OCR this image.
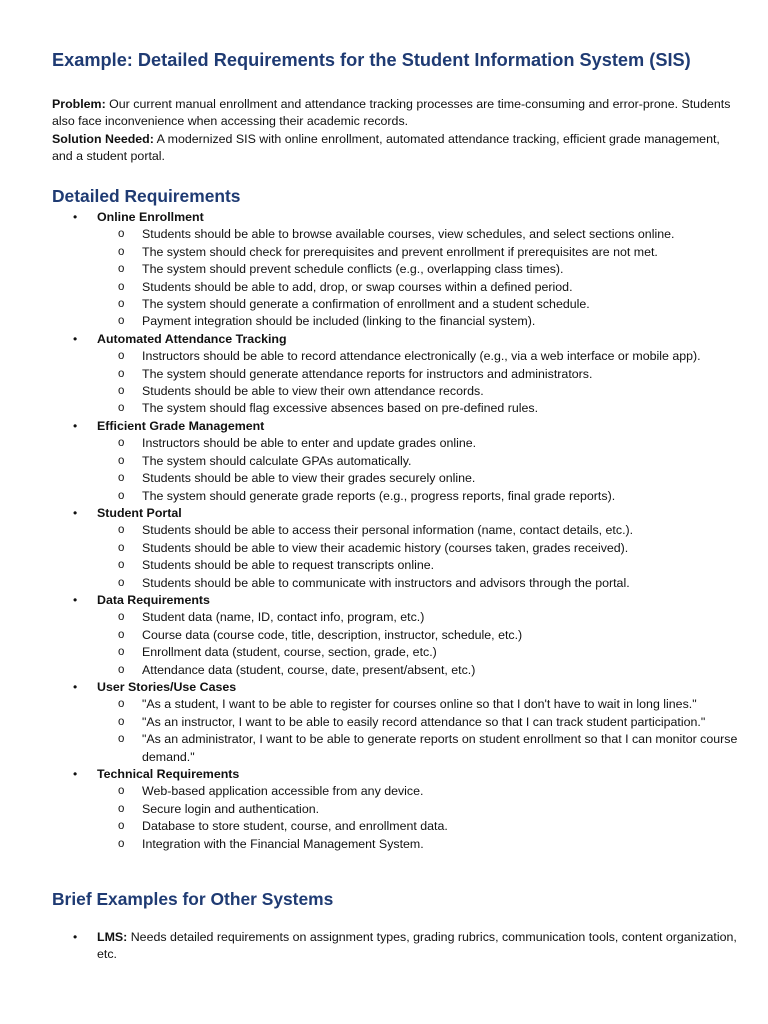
Example: Detailed Requirements for the Student Information System (SIS)

Problem: Our current manual enrollment and attendance tracking processes are time-consuming and error-prone. Students also face inconvenience when accessing their academic records.

Solution Needed: A modernized SIS with online enrollment, automated attendance tracking, efficient grade management, and a student portal.

Detailed Requirements
•	Online Enrollment
o Students should be able to browse available courses, view schedules, and select sections online.
o The system should check for prerequisites and prevent enrollment if prerequisites are not met.
o The system should prevent schedule conflicts (e.g., overlapping class times).
o Students should be able to add, drop, or swap courses within a defined period.
o The system should generate a confirmation of enrollment and a student schedule.
o Payment integration should be included (linking to the financial system).
•	Automated Attendance Tracking
o Instructors should be able to record attendance electronically (e.g., via a web interface or mobile app).
o The system should generate attendance reports for instructors and administrators.
o Students should be able to view their own attendance records.
o The system should flag excessive absences based on pre-defined rules.
•	Efficient Grade Management
o Instructors should be able to enter and update grades online.
o The system should calculate GPAs automatically.
o Students should be able to view their grades securely online.
o The system should generate grade reports (e.g., progress reports, final grade reports).
•	Student Portal
o Students should be able to access their personal information (name, contact details, etc.).
o Students should be able to view their academic history (courses taken, grades received).
o Students should be able to request transcripts online.
o Students should be able to communicate with instructors and advisors through the portal.
•	Data Requirements
o Student data (name, ID, contact info, program, etc.)
o Course data (course code, title, description, instructor, schedule, etc.)
o Enrollment data (student, course, section, grade, etc.)
o Attendance data (student, course, date, present/absent, etc.)
•	User Stories/Use Cases
o "As a student, I want to be able to register for courses online so that I don't have to wait in long lines."
o "As an instructor, I want to be able to easily record attendance so that I can track student participation."
o "As an administrator, I want to be able to generate reports on student enrollment so that I can monitor course demand."
•	Technical Requirements
o Web-based application accessible from any device.
o Secure login and authentication.
o Database to store student, course, and enrollment data.
o Integration with the Financial Management System.
Brief Examples for Other Systems
•	LMS: Needs detailed requirements on assignment types, grading rubrics, communication tools, content organization, etc.
